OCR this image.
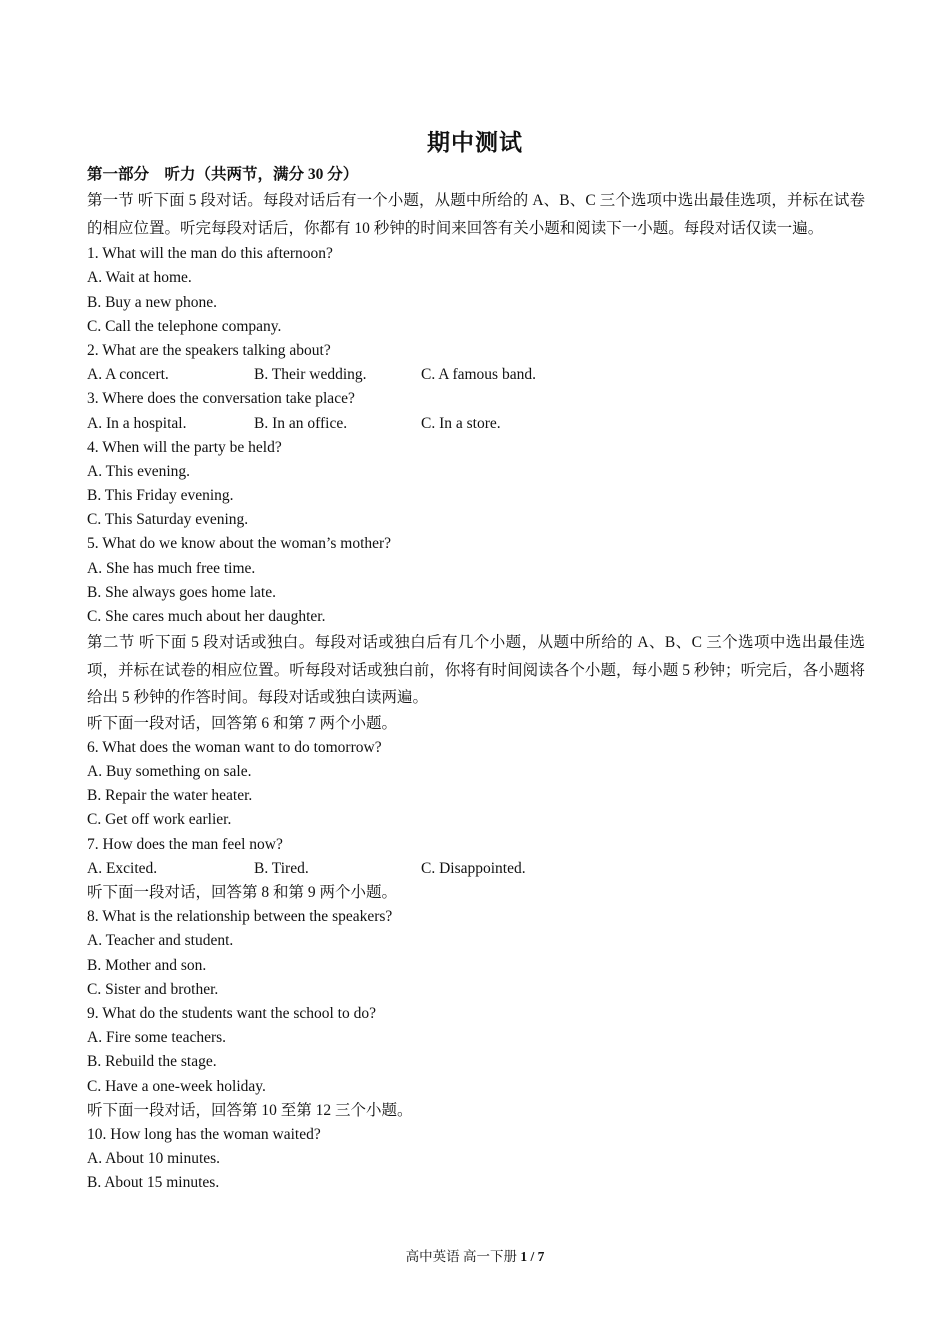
期中测试
第一部分　听力（共两节，满分 30 分）
第一节 听下面 5 段对话。每段对话后有一个小题，从题中所给的 A、B、C 三个选项中选出最佳选项，并标在试卷的相应位置。听完每段对话后，你都有 10 秒钟的时间来回答有关小题和阅读下一小题。每段对话仅读一遍。
1. What will the man do this afternoon?
A. Wait at home.
B. Buy a new phone.
C. Call the telephone company.
2. What are the speakers talking about?
A. A concert.	B. Their wedding.	C. A famous band.
3. Where does the conversation take place?
A. In a hospital.	B. In an office.	C. In a store.
4. When will the party be held?
A. This evening.
B. This Friday evening.
C. This Saturday evening.
5. What do we know about the woman’s mother?
A. She has much free time.
B. She always goes home late.
C. She cares much about her daughter.
第二节 听下面 5 段对话或独白。每段对话或独白后有几个小题，从题中所给的 A、B、C 三个选项中选出最佳选项，并标在试卷的相应位置。听每段对话或独白前，你将有时间阅读各个小题，每小题 5 秒钟；听完后，各小题将给出 5 秒钟的作答时间。每段对话或独白读两遍。
听下面一段对话，回答第 6 和第 7 两个小题。
6. What does the woman want to do tomorrow?
A. Buy something on sale.
B. Repair the water heater.
C. Get off work earlier.
7. How does the man feel now?
A. Excited.	B. Tired.	C. Disappointed.
听下面一段对话，回答第 8 和第 9 两个小题。
8. What is the relationship between the speakers?
A. Teacher and student.
B. Mother and son.
C. Sister and brother.
9. What do the students want the school to do?
A. Fire some teachers.
B. Rebuild the stage.
C. Have a one-week holiday.
听下面一段对话，回答第 10 至第 12 三个小题。
10. How long has the woman waited?
A. About 10 minutes.
B. About 15 minutes.
高中英语 高一下册 1 / 7
